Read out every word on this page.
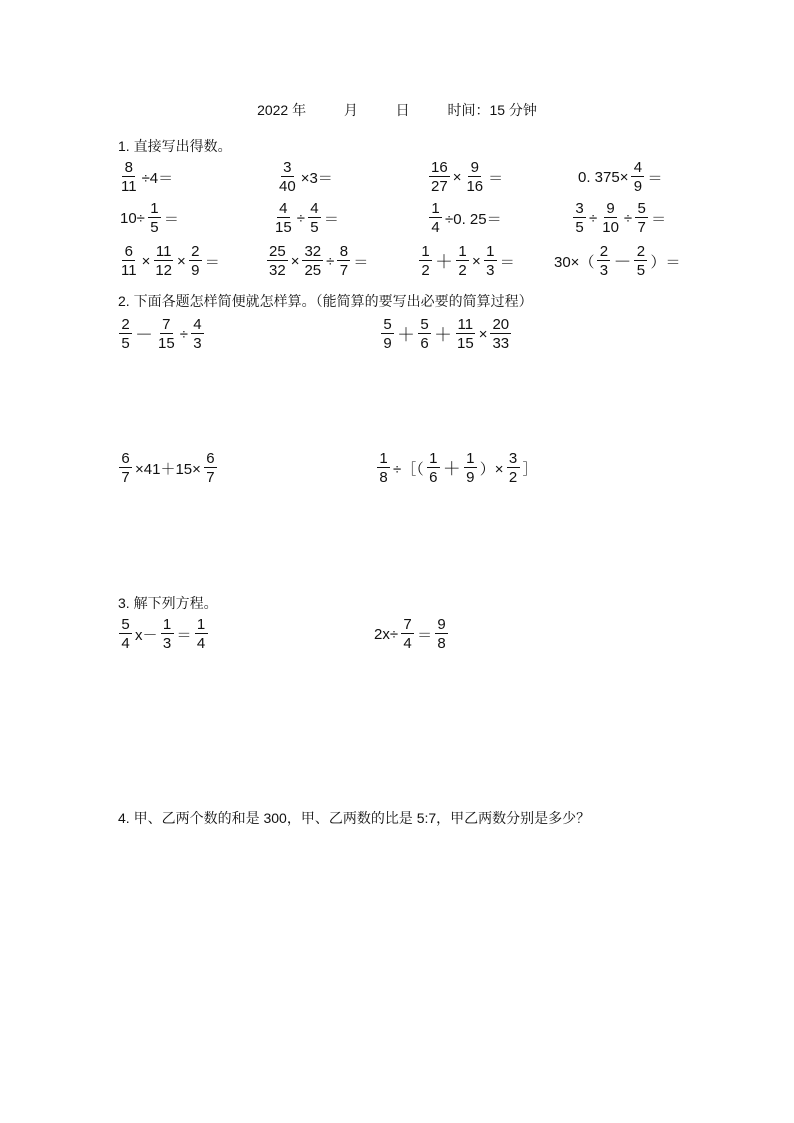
2022 年	月	日	时间：15 分钟
1. 直接写出得数。
$\frac{8}{11} \div 4=$	$\frac{3}{40} \times 3=$	$\frac{16}{27} \times \frac{9}{16}$ ＝	0. $375\times \frac{4}{9}$ ＝
$10\div \frac{1}{5}$ ＝	$\frac{4}{15} \div \frac{4}{5}$ ＝	$\frac{1}{4} \div 0$. 25＝	$\frac{3}{5} \div \frac{9}{10} \div \frac{5}{7}$ ＝
$\frac{6}{11} \times \frac{11}{12} \times \frac{2}{9}$ ＝	$\frac{25}{32} \times \frac{32}{25} \div \frac{8}{7}$ ＝	$\frac{1}{2} + \frac{1}{2} \times \frac{1}{3}$ ＝	$30\times( \frac{2}{3} - \frac{2}{5}$ ）＝
2. 下面各题怎样简便就怎样算。（能简算的要写出必要的简算过程）
$\frac{2}{5} - \frac{7}{15} \div \frac{4}{3}$	$\frac{5}{9} + \frac{5}{6} + \frac{11}{15} \times \frac{20}{33}$
$\frac{6}{7} \times 41+15\times \frac{6}{7}$	$\frac{1}{8}$ ÷［（ $\frac{1}{6} + \frac{1}{9}$ ）× $\frac{3}{2}$ ］
3. 解下列方程。
$\frac{5}{4} x- \frac{1}{3} = \frac{1}{4}$	$2x\div \frac{7}{4} = \frac{9}{8}$
4. 甲、乙两个数的和是 300，甲、乙两数的比是 5:7，甲乙两数分别是多少？
